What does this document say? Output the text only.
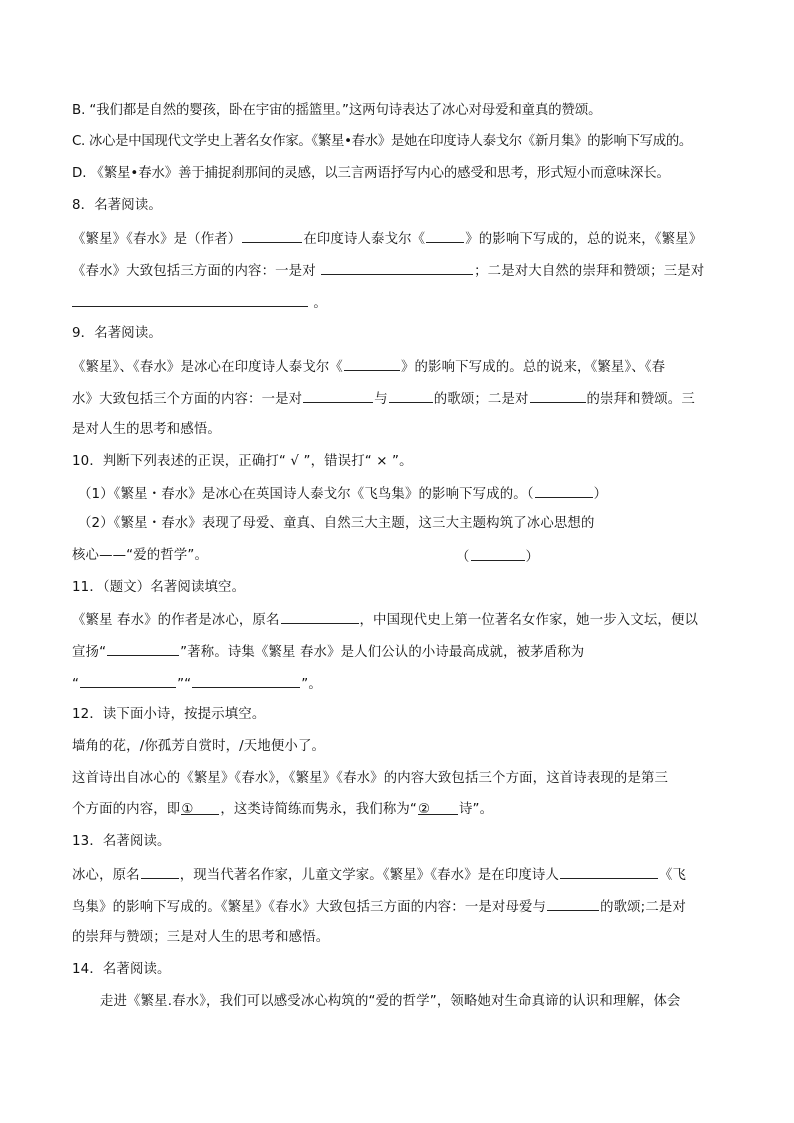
B. “我们都是自然的婴孩，卧在宇宙的摇篮里。”这两句诗表达了冰心对母爱和童真的赞颂。
C. 冰心是中国现代文学史上著名女作家。《繁星•春水》是她在印度诗人泰戈尔《新月集》的影响下写成的。
D. 《繁星•春水》善于捕捉刹那间的灵感，以三言两语抒写内心的感受和思考，形式短小而意味深长。
8．名著阅读。
《繁星》《春水》是（作者）	在印度诗人泰戈尔《	》的影响下写成的，总的说来，《繁星》
《春水》大致包括三方面的内容：一是对	；二是对大自然的崇拜和赞颂；三是对
。
9．名著阅读。
《繁星》、《春水》是冰心在印度诗人泰戈尔《	》的影响下写成的。总的说来，《繁星》、《春
水》大致包括三个方面的内容：一是对	与	的歌颂；二是对	的崇拜和赞颂。三
是对人生的思考和感悟。
10．判断下列表述的正误，正确打“ √ ”，错误打“ × ”。
（1）《繁星・春水》是冰心在英国诗人泰戈尔《飞鸟集》的影响下写成的。（	）
（2）《繁星・春水》表现了母爱、童真、自然三大主题，这三大主题构筑了冰心思想的
核心——“爱的哲学”。	（	）
11．（题文）名著阅读填空。
《繁星 春水》的作者是冰心，原名	，中国现代史上第一位著名女作家，她一步入文坛，便以
宣扬“	”著称。诗集《繁星 春水》是人们公认的小诗最高成就，被茅盾称为
“	”“	”。
12．读下面小诗，按提示填空。
墙角的花，/你孤芳自赏时，/天地便小了。
这首诗出自冰心的《繁星》《春水》，《繁星》《春水》的内容大致包括三个方面，这首诗表现的是第三
个方面的内容，即① ，这类诗简练而隽永，我们称为“② 诗”。
13．名著阅读。
冰心，原名	，现当代著名作家，儿童文学家。《繁星》《春水》是在印度诗人	《飞
鸟集》的影响下写成的。《繁星》《春水》大致包括三方面的内容：一是对母爱与	的歌颂;二是对
的崇拜与赞颂；三是对人生的思考和感悟。
14．名著阅读。
走进《繁星.春水》，我们可以感受冰心构筑的“爱的哲学”，领略她对生命真谛的认识和理解，体会
